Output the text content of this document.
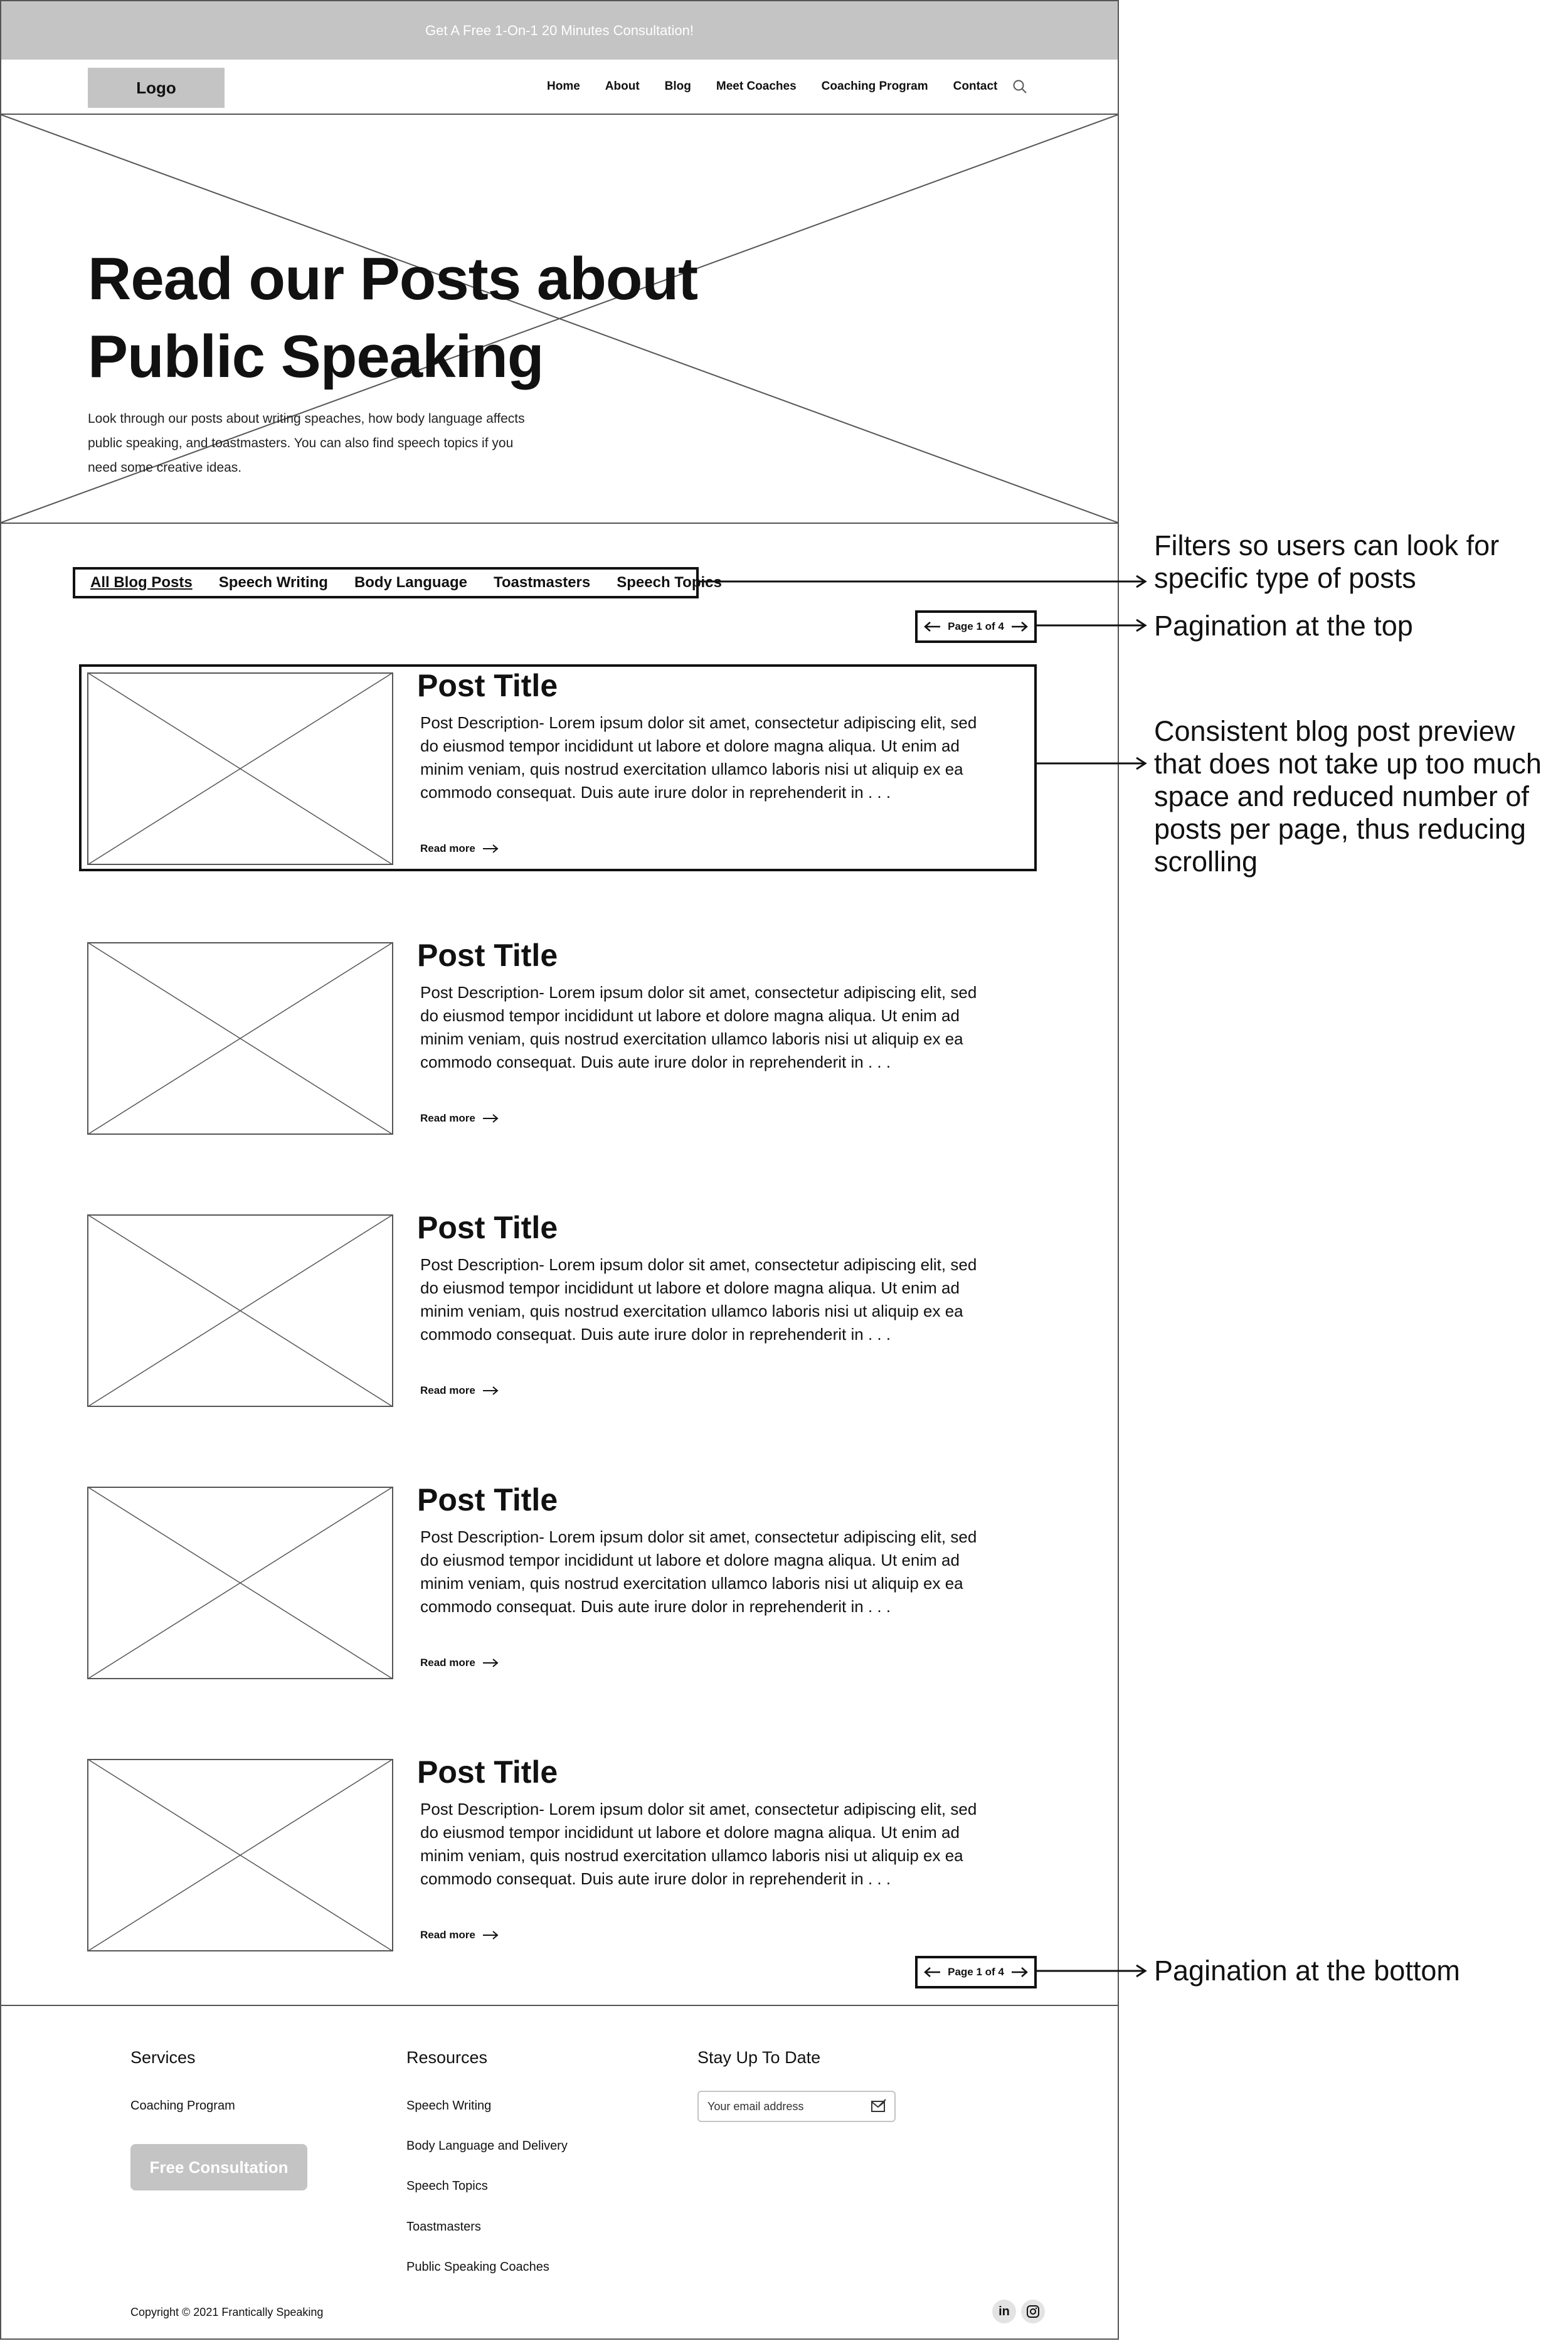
Get A Free 1-On-1 20 Minutes Consultation!
Logo	Home About Blog Meet Coaches Coaching Program Contact
Read our Posts about
Public Speaking

Look through our posts about writing speaches, how body language affects public speaking, and toastmasters. You can also find speech topics if you need some creative ideas.

All Blog Posts Speech Writing Body Language Toastmasters Speech Topics
Page 1 of 4
Post Title

Post Description- Lorem ipsum dolor sit amet, consectetur adipiscing elit, sed do eiusmod tempor incididunt ut labore et dolore magna aliqua. Ut enim ad minim veniam, quis nostrud exercitation ullamco laboris nisi ut aliquip ex ea commodo consequat. Duis aute irure dolor in reprehenderit in . . .

Read more
Post Title

Post Description- Lorem ipsum dolor sit amet, consectetur adipiscing elit, sed do eiusmod tempor incididunt ut labore et dolore magna aliqua. Ut enim ad minim veniam, quis nostrud exercitation ullamco laboris nisi ut aliquip ex ea commodo consequat. Duis aute irure dolor in reprehenderit in . . .

Read more
Post Title

Post Description- Lorem ipsum dolor sit amet, consectetur adipiscing elit, sed do eiusmod tempor incididunt ut labore et dolore magna aliqua. Ut enim ad minim veniam, quis nostrud exercitation ullamco laboris nisi ut aliquip ex ea commodo consequat. Duis aute irure dolor in reprehenderit in . . .

Read more
Post Title

Post Description- Lorem ipsum dolor sit amet, consectetur adipiscing elit, sed do eiusmod tempor incididunt ut labore et dolore magna aliqua. Ut enim ad minim veniam, quis nostrud exercitation ullamco laboris nisi ut aliquip ex ea commodo consequat. Duis aute irure dolor in reprehenderit in . . .

Read more
Post Title

Post Description- Lorem ipsum dolor sit amet, consectetur adipiscing elit, sed do eiusmod tempor incididunt ut labore et dolore magna aliqua. Ut enim ad minim veniam, quis nostrud exercitation ullamco laboris nisi ut aliquip ex ea commodo consequat. Duis aute irure dolor in reprehenderit in . . .

Read more
Page 1 of 4
Services
Coaching Program
Free Consultation
Resources
Speech Writing
Body Language and Delivery
Speech Topics
Toastmasters
Public Speaking Coaches
Stay Up To Date
Your email address
Copyright © 2021 Frantically Speaking	in
Filters so users can look for specific type of posts
Pagination at the top
Consistent blog post preview that does not take up too much space and reduced number of posts per page, thus reducing scrolling
Pagination at the bottom
